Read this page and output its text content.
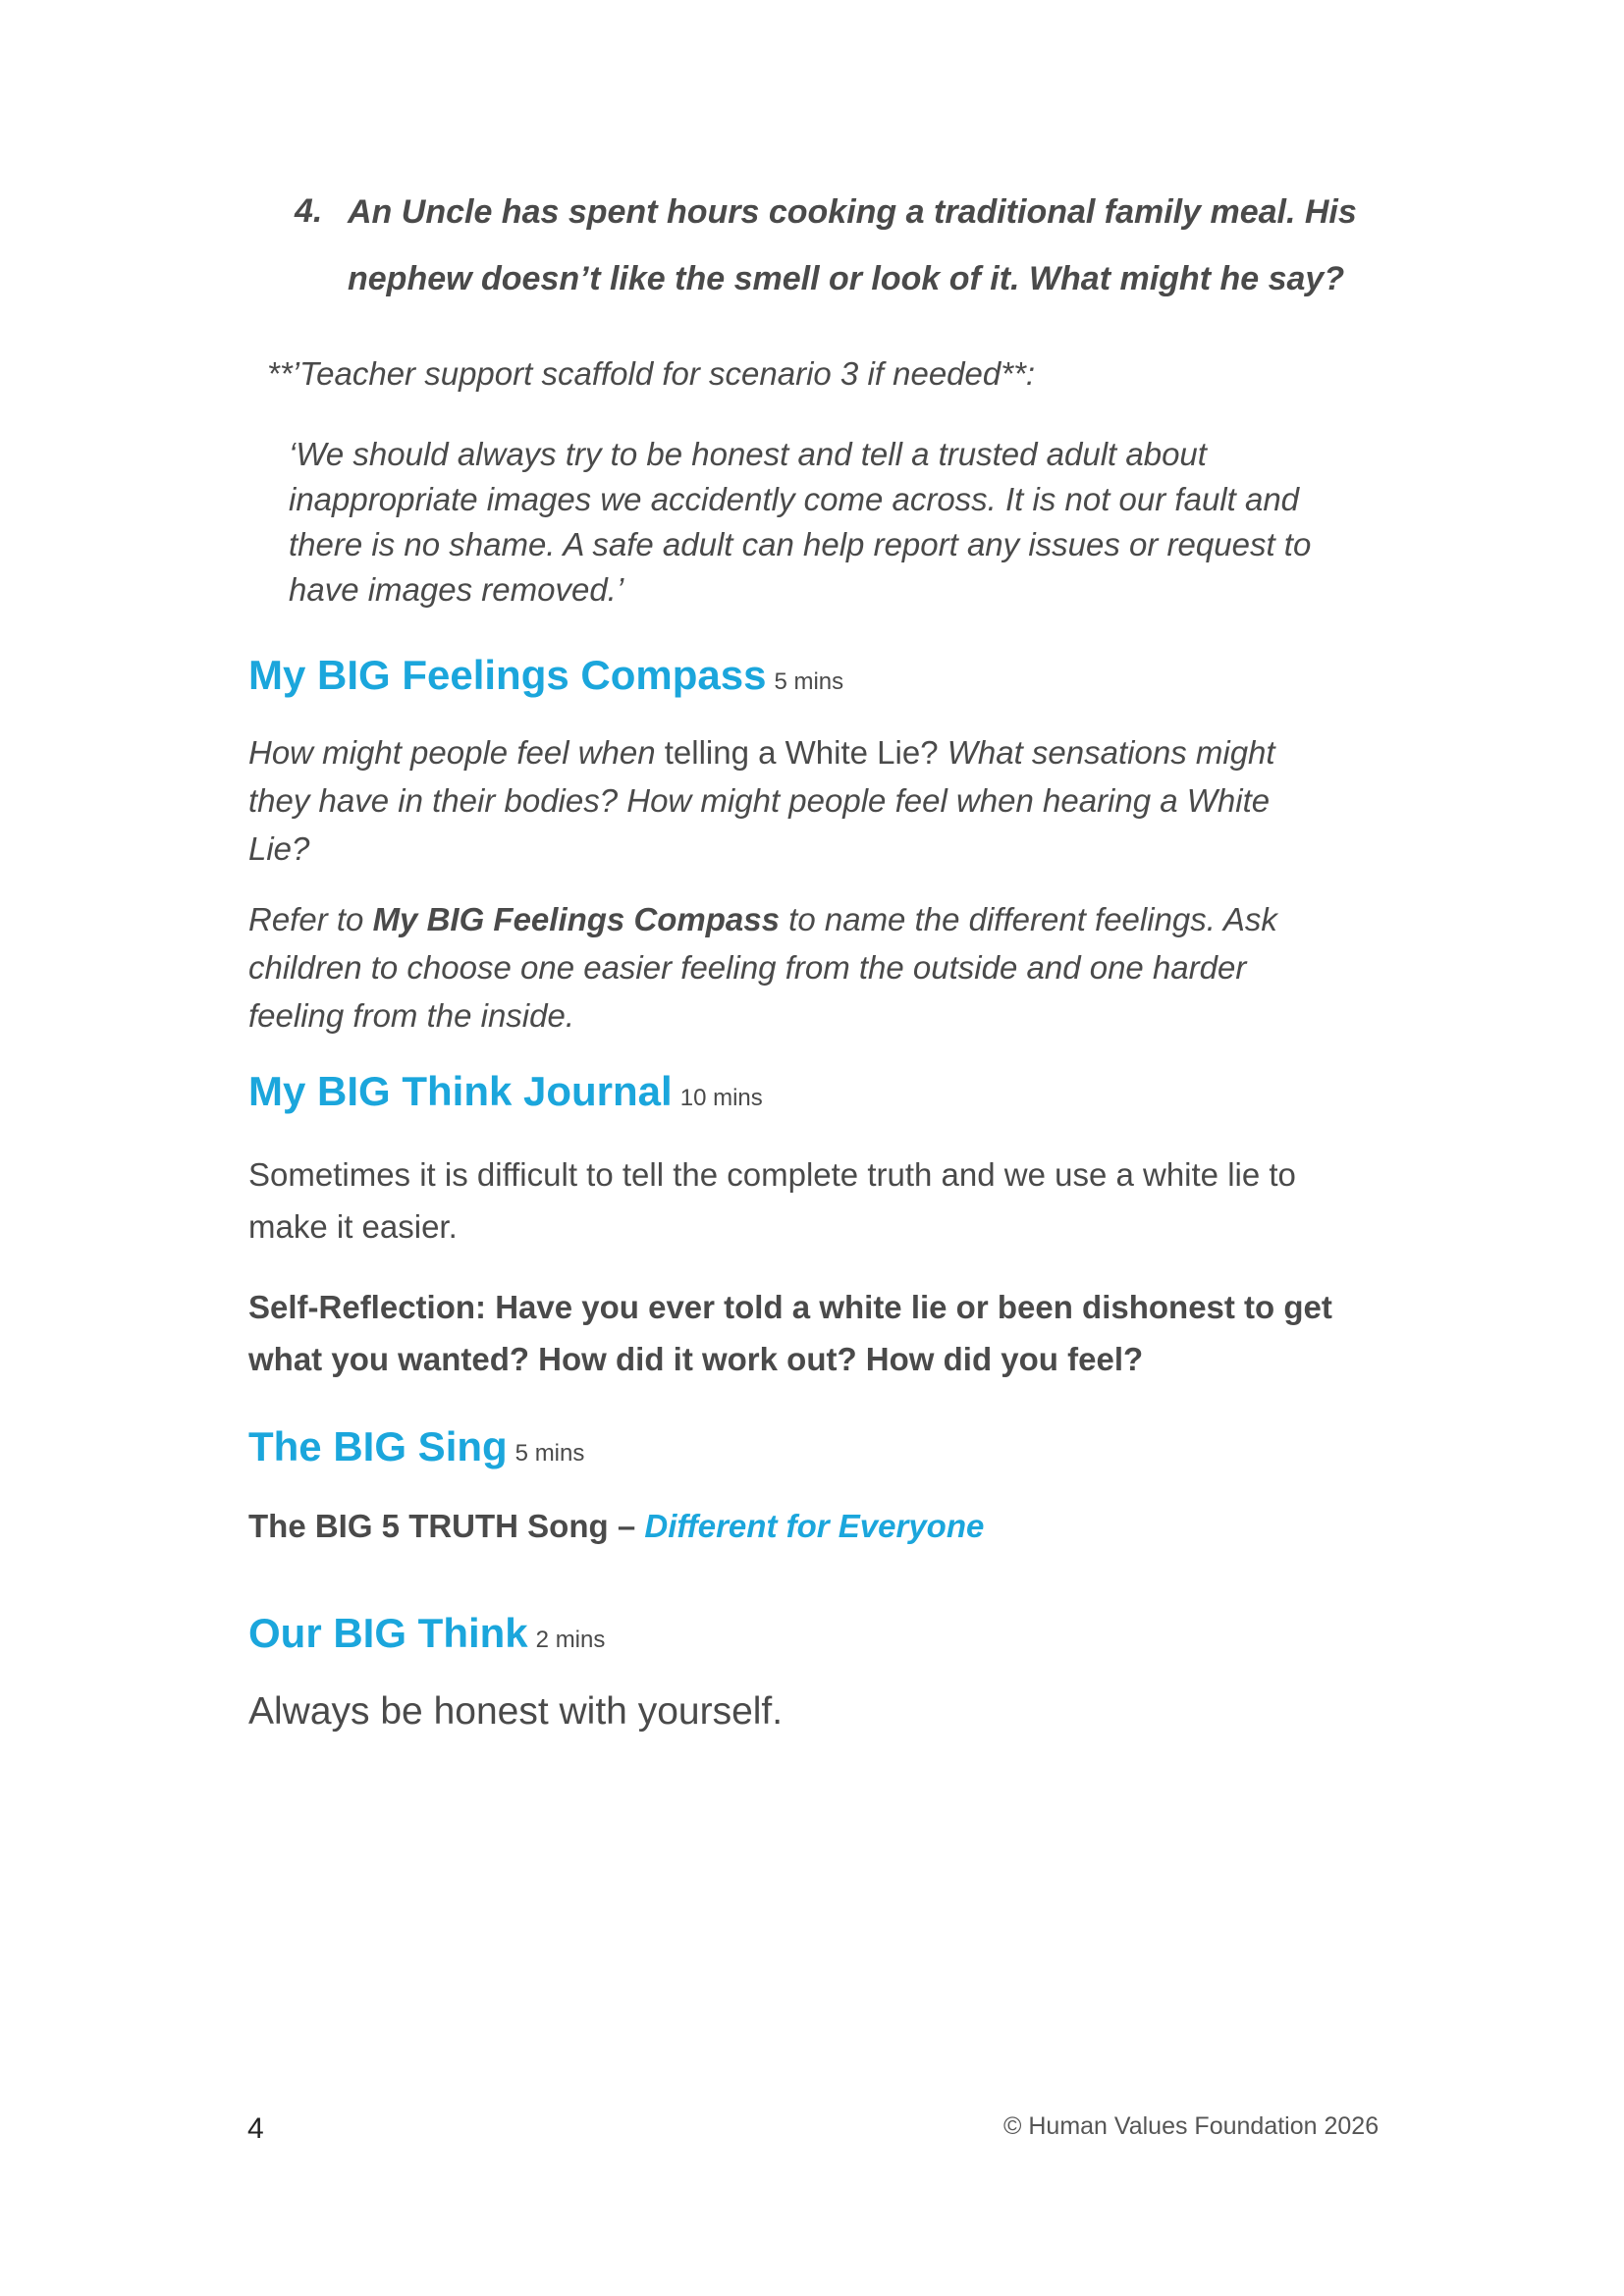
4. An Uncle has spent hours cooking a traditional family meal. His
nephew doesn’t like the smell or look of it. What might he say?
**’Teacher support scaffold for scenario 3 if needed**:
‘We should always try to be honest and tell a trusted adult about
inappropriate images we accidently come across. It is not our fault and
there is no shame. A safe adult can help report any issues or request to
have images removed.’
My BIG Feelings Compass 5 mins
How might people feel when telling a White Lie? What sensations might
they have in their bodies? How might people feel when hearing a White
Lie?
Refer to My BIG Feelings Compass to name the different feelings. Ask
children to choose one easier feeling from the outside and one harder
feeling from the inside.
My BIG Think Journal 10 mins
Sometimes it is difficult to tell the complete truth and we use a white lie to
make it easier.
Self-Reflection: Have you ever told a white lie or been dishonest to get
what you wanted? How did it work out? How did you feel?
The BIG Sing 5 mins
The BIG 5 TRUTH Song – Different for Everyone
Our BIG Think 2 mins
Always be honest with yourself.
4	© Human Values Foundation 2026
